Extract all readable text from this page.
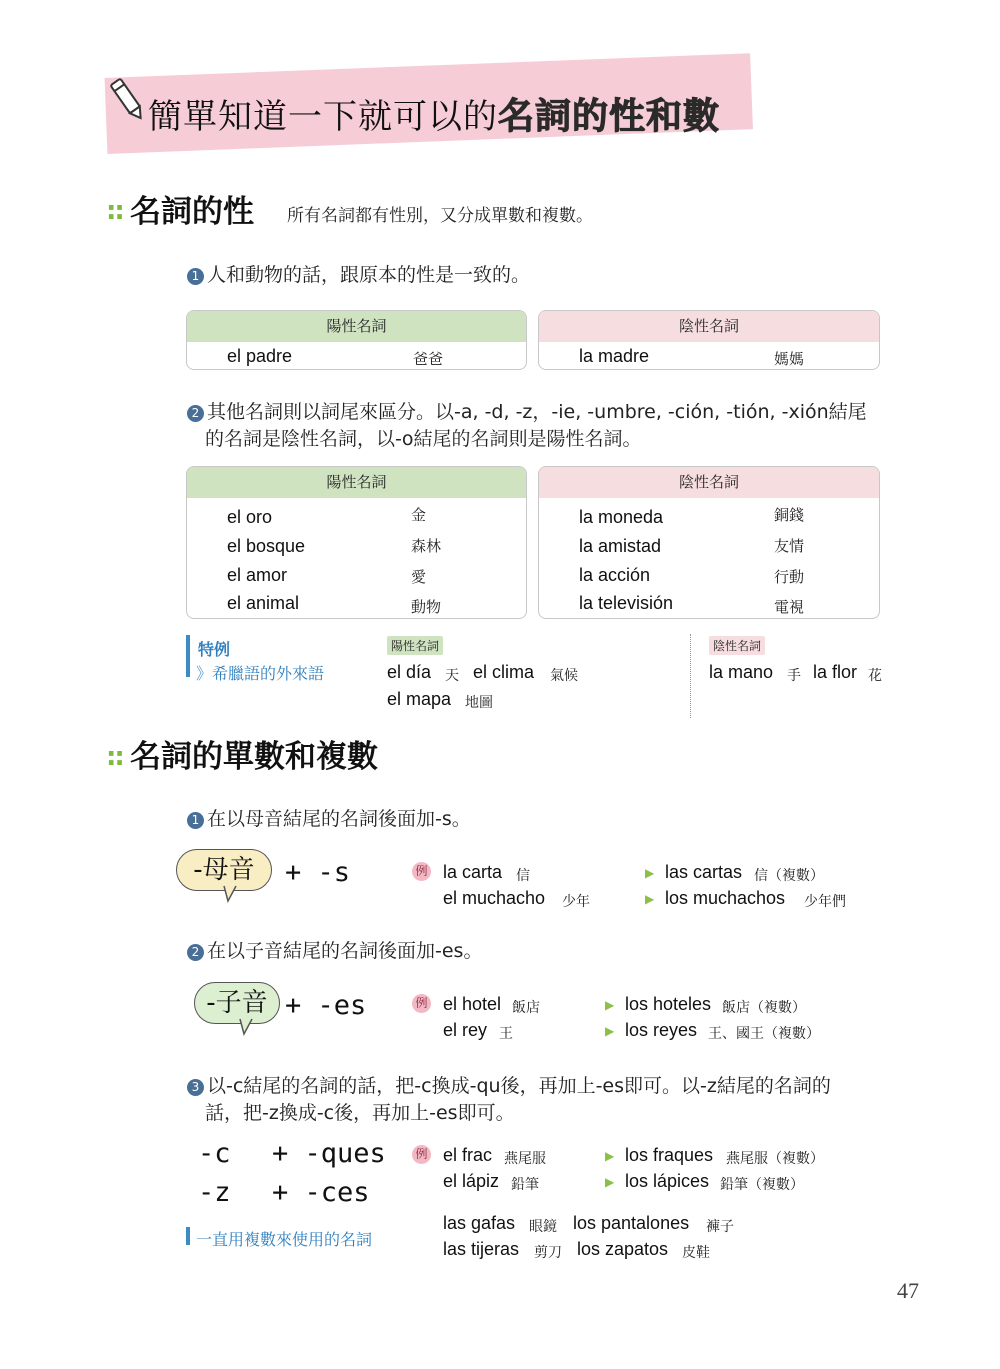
簡單知道一下就可以的名詞的性和數
:: 名詞的性 所有名詞都有性別，又分成單數和複數。
1 人和動物的話，跟原本的性是一致的。
陽性名詞
el padre	爸爸
陰性名詞
la madre	媽媽
2 其他名詞則以詞尾來區分。以-a, -d, -z，-ie, -umbre, -ción, -tión, -xión結尾
的名詞是陰性名詞，以-o結尾的名詞則是陽性名詞。
陽性名詞
el oro	金
el bosque	森林
el amor	愛
el animal	動物
陰性名詞
la moneda	銅錢
la amistad	友情
la acción	行動
la televisión	電視
特例
》希臘語的外來語
陽性名詞
el día 天 el clima 氣候
el mapa 地圖
陰性名詞
la mano 手 la flor 花
:: 名詞的單數和複數
1 在以母音結尾的名詞後面加-s。
-母音	+ -s	例 la carta 信	▶ las cartas 信（複數）
el muchacho 少年	▶ los muchachos 少年們
2 在以子音結尾的名詞後面加-es。
-子音 + -es	例 el hotel 飯店	▶ los hoteles 飯店（複數）
el rey 王	▶ los reyes 王、國王（複數）
3 以-c結尾的名詞的話，把-c換成-qu後，再加上-es即可。以-z結尾的名詞的
話，把-z換成-c後，再加上-es即可。
-c + -ques
-z + -ces
例 el frac 燕尾服	▶ los fraques 燕尾服（複數）
el lápiz 鉛筆	▶ los lápices 鉛筆（複數）
一直用複數來使用的名詞
las gafas 眼鏡 los pantalones 褲子
las tijeras 剪刀 los zapatos 皮鞋
47
